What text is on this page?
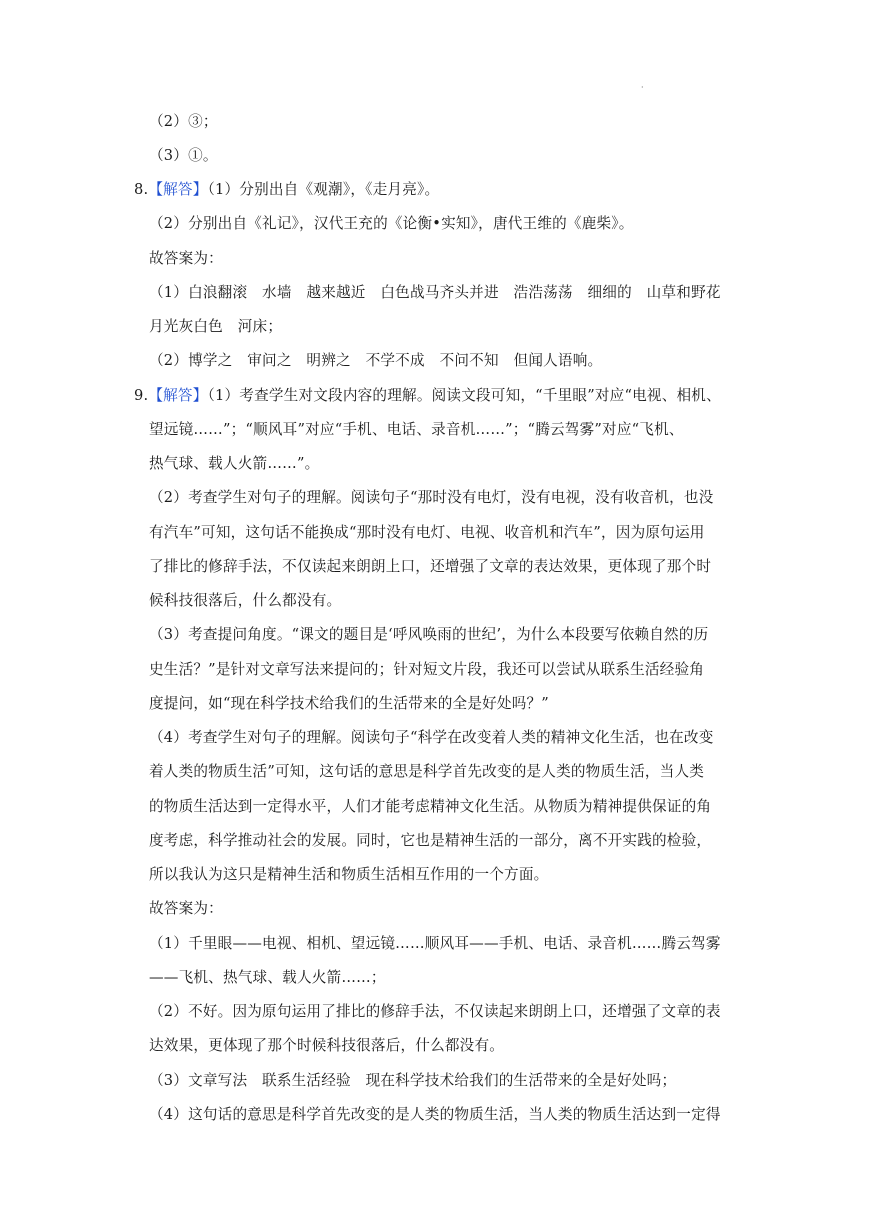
·
（2）③；
（3）①。
8.【解答】（1）分别出自《观潮》，《走月亮》。
（2）分别出自《礼记》，汉代王充的《论衡•实知》，唐代王维的《鹿柴》。
故答案为：
（1）白浪翻滚　水墙　越来越近　白色战马齐头并进　浩浩荡荡　细细的　山草和野花
月光灰白色　河床；
（2）博学之　审问之　明辨之　不学不成　不问不知　但闻人语响。
9.【解答】（1）考查学生对文段内容的理解。阅读文段可知，“千里眼”对应“电视、相机、
望远镜……”；“顺风耳”对应“手机、电话、录音机……”；“腾云驾雾”对应“飞机、
热气球、载人火箭……”。
（2）考查学生对句子的理解。阅读句子“那时没有电灯，没有电视，没有收音机，也没
有汽车”可知，这句话不能换成“那时没有电灯、电视、收音机和汽车”，因为原句运用
了排比的修辞手法，不仅读起来朗朗上口，还增强了文章的表达效果，更体现了那个时
候科技很落后，什么都没有。
（3）考查提问角度。“课文的题目是‘呼风唤雨的世纪’，为什么本段要写依赖自然的历
史生活？”是针对文章写法来提问的；针对短文片段，我还可以尝试从联系生活经验角
度提问，如“现在科学技术给我们的生活带来的全是好处吗？”
（4）考查学生对句子的理解。阅读句子“科学在改变着人类的精神文化生活，也在改变
着人类的物质生活”可知，这句话的意思是科学首先改变的是人类的物质生活，当人类
的物质生活达到一定得水平，人们才能考虑精神文化生活。从物质为精神提供保证的角
度考虑，科学推动社会的发展。同时，它也是精神生活的一部分，离不开实践的检验，
所以我认为这只是精神生活和物质生活相互作用的一个方面。
故答案为：
（1）千里眼——电视、相机、望远镜……顺风耳——手机、电话、录音机……腾云驾雾
——飞机、热气球、载人火箭……；
（2）不好。因为原句运用了排比的修辞手法，不仅读起来朗朗上口，还增强了文章的表
达效果，更体现了那个时候科技很落后，什么都没有。
（3）文章写法　联系生活经验　现在科学技术给我们的生活带来的全是好处吗；
（4）这句话的意思是科学首先改变的是人类的物质生活，当人类的物质生活达到一定得
